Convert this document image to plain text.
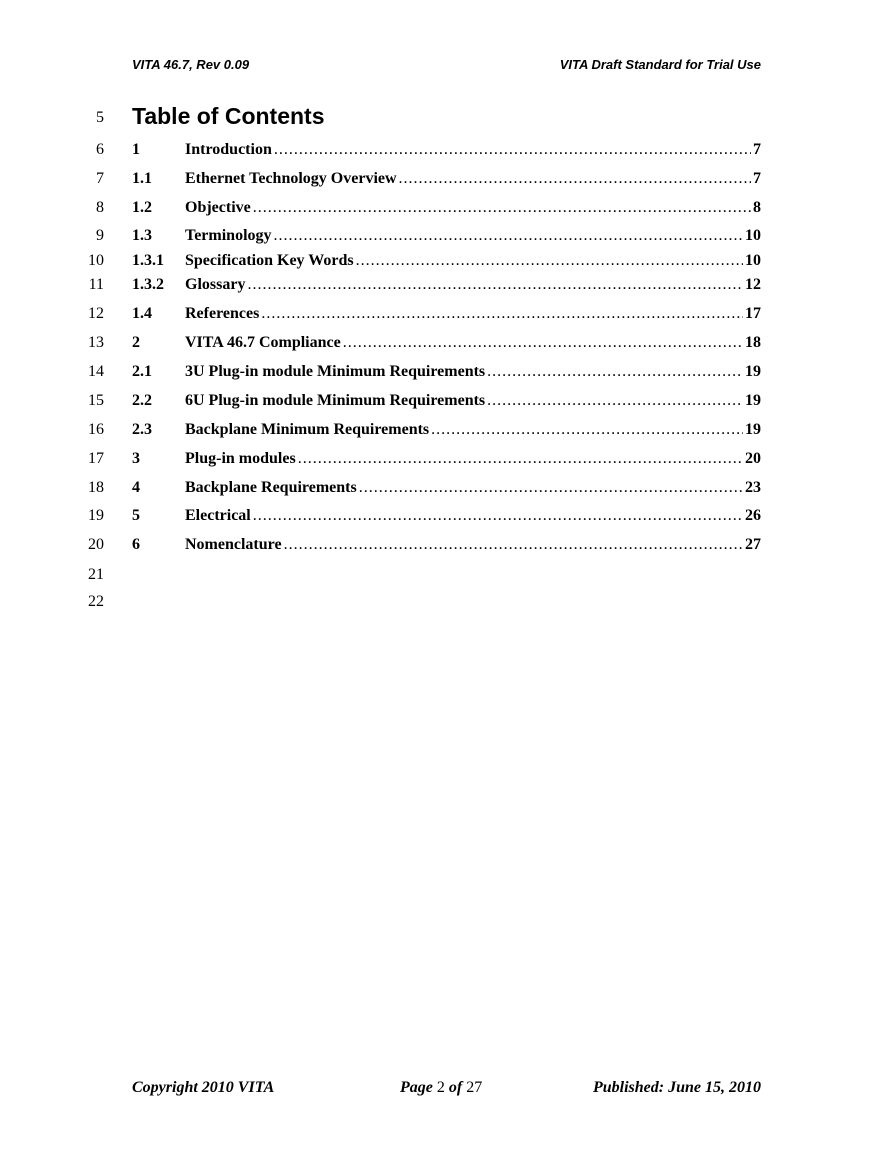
VITA 46.7, Rev 0.09	VITA Draft Standard for Trial Use
5 Table of Contents
6 1	Introduction .....	7
7 1.1	Ethernet Technology Overview .....	7
8 1.2	Objective .....	8
9 1.3	Terminology .....	10
10 1.3.1	Specification Key Words .....	10
11 1.3.2	Glossary .....	12
12 1.4	References .....	17
13 2	VITA 46.7 Compliance .....	18
14 2.1	3U Plug-in module Minimum Requirements .....	19
15 2.2	6U Plug-in module Minimum Requirements .....	19
16 2.3	Backplane Minimum Requirements .....	19
17 3	Plug-in modules .....	20
18 4	Backplane Requirements .....	23
19 5	Electrical .....	26
20 6	Nomenclature .....	27
21
22
Copyright 2010 VITA	Page 2 of 27	Published: June 15, 2010
